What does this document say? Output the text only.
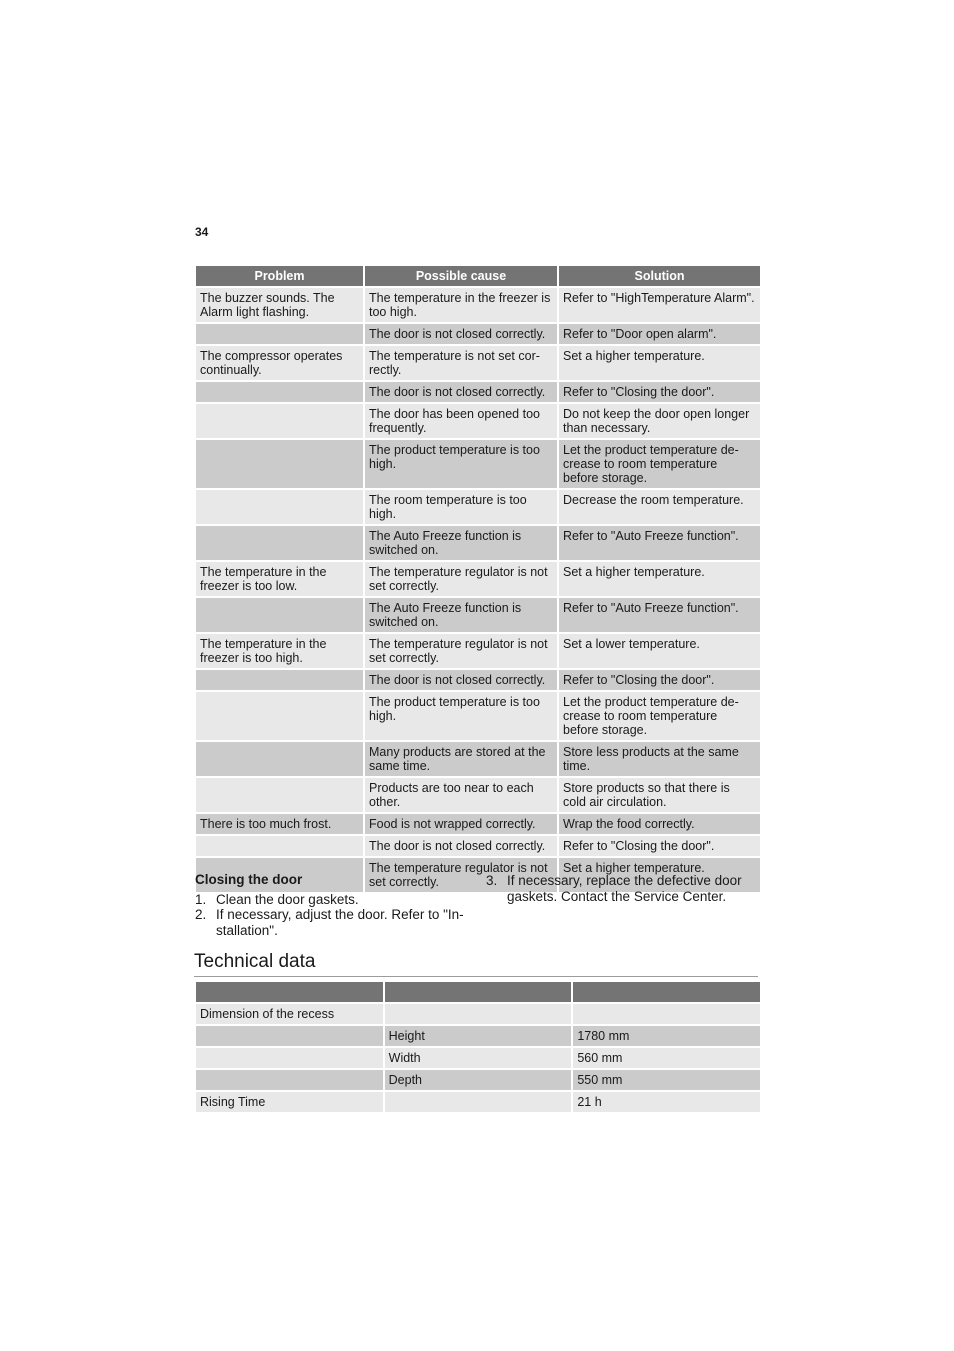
34
Problem	Possible cause	Solution
The buzzer sounds. The Alarm light flashing.	The temperature in the freezer is too high.	Refer to "HighTemperature Alarm".
	The door is not closed correctly.	Refer to "Door open alarm".
The compressor operates continually.	The temperature is not set cor-rectly.	Set a higher temperature.
	The door is not closed correctly.	Refer to "Closing the door".
	The door has been opened too frequently.	Do not keep the door open longer than necessary.
	The product temperature is too high.	Let the product temperature de-crease to room temperature before storage.
	The room temperature is too high.	Decrease the room temperature.
	The Auto Freeze function is switched on.	Refer to "Auto Freeze function".
The temperature in the freezer is too low.	The temperature regulator is not set correctly.	Set a higher temperature.
	The Auto Freeze function is switched on.	Refer to "Auto Freeze function".
The temperature in the freezer is too high.	The temperature regulator is not set correctly.	Set a lower temperature.
	The door is not closed correctly.	Refer to "Closing the door".
	The product temperature is too high.	Let the product temperature de-crease to room temperature before storage.
	Many products are stored at the same time.	Store less products at the same time.
	Products are too near to each other.	Store products so that there is cold air circulation.
There is too much frost.	Food is not wrapped correctly.	Wrap the food correctly.
	The door is not closed correctly.	Refer to "Closing the door".
	The temperature regulator is not set correctly.	Set a higher temperature.
Closing the door
1. Clean the door gaskets.
2. If necessary, adjust the door. Refer to "In-stallation".
3. If necessary, replace the defective door gaskets. Contact the Service Center.
Technical data

Dimension of the recess		
	Height	1780 mm
	Width	560 mm
	Depth	550 mm
Rising Time		21 h
